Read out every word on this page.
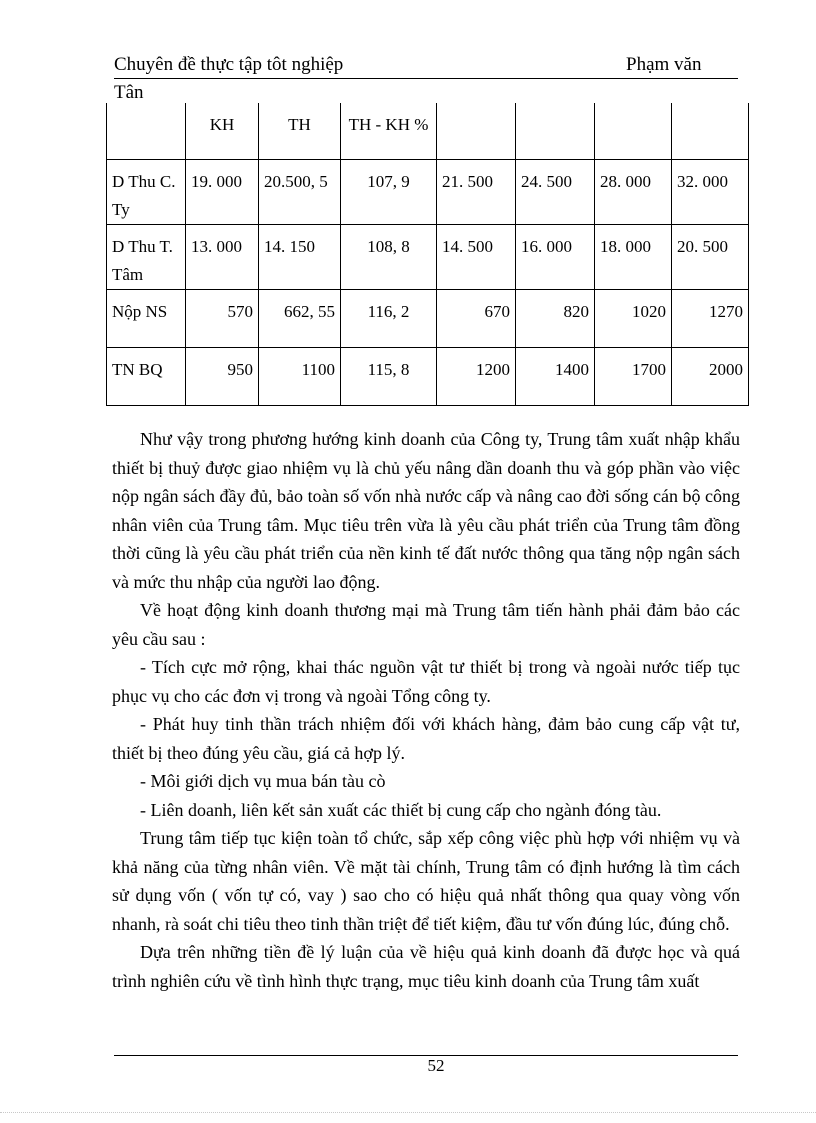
Chuyên đề thực tập tôt nghiệp	Phạm văn
Tân
	KH	TH	TH - KH %				
D Thu C. Ty	19. 000	20.500, 5	107, 9	21. 500	24. 500	28. 000	32. 000
D Thu T. Tâm	13. 000	14. 150	108, 8	14. 500	16. 000	18. 000	20. 500
Nộp NS	570	662, 55	116, 2	670	820	1020	1270
TN BQ	950	1100	115, 8	1200	1400	1700	2000

Như vậy trong phương hướng kinh doanh của Công ty, Trung tâm xuất nhập khẩu thiết bị thuỷ được giao nhiệm vụ là chủ yếu nâng dần doanh thu và góp phần vào việc nộp ngân sách đầy đủ, bảo toàn số vốn nhà nước cấp và nâng cao đời sống cán bộ công nhân viên của Trung tâm. Mục tiêu trên vừa là yêu cầu phát triển của Trung tâm đồng thời cũng là yêu cầu phát triển của nền kinh tế đất nước thông qua tăng nộp ngân sách và mức thu nhập của người lao động.

Về hoạt động kinh doanh thương mại mà Trung tâm tiến hành phải đảm bảo các yêu cầu sau :

- Tích cực mở rộng, khai thác nguồn vật tư thiết bị trong và ngoài nước tiếp tục phục vụ cho các đơn vị trong và ngoài Tổng công ty.

- Phát huy tinh thần trách nhiệm đối với khách hàng, đảm bảo cung cấp vật tư, thiết bị theo đúng yêu cầu, giá cả hợp lý.

- Môi giới dịch vụ mua bán tàu cò

- Liên doanh, liên kết sản xuất các thiết bị cung cấp cho ngành đóng tàu.

Trung tâm tiếp tục kiện toàn tổ chức, sắp xếp công việc phù hợp với nhiệm vụ và khả năng của từng nhân viên. Về mặt tài chính, Trung tâm có định hướng là tìm cách sử dụng vốn ( vốn tự có, vay ) sao cho có hiệu quả nhất thông qua quay vòng vốn nhanh, rà soát chi tiêu theo tinh thần triệt để tiết kiệm, đầu tư vốn đúng lúc, đúng chỗ.

Dựa trên những tiền đề lý luận của về hiệu quả kinh doanh đã được học và quá trình nghiên cứu về tình hình thực trạng, mục tiêu kinh doanh của Trung tâm xuất

52
